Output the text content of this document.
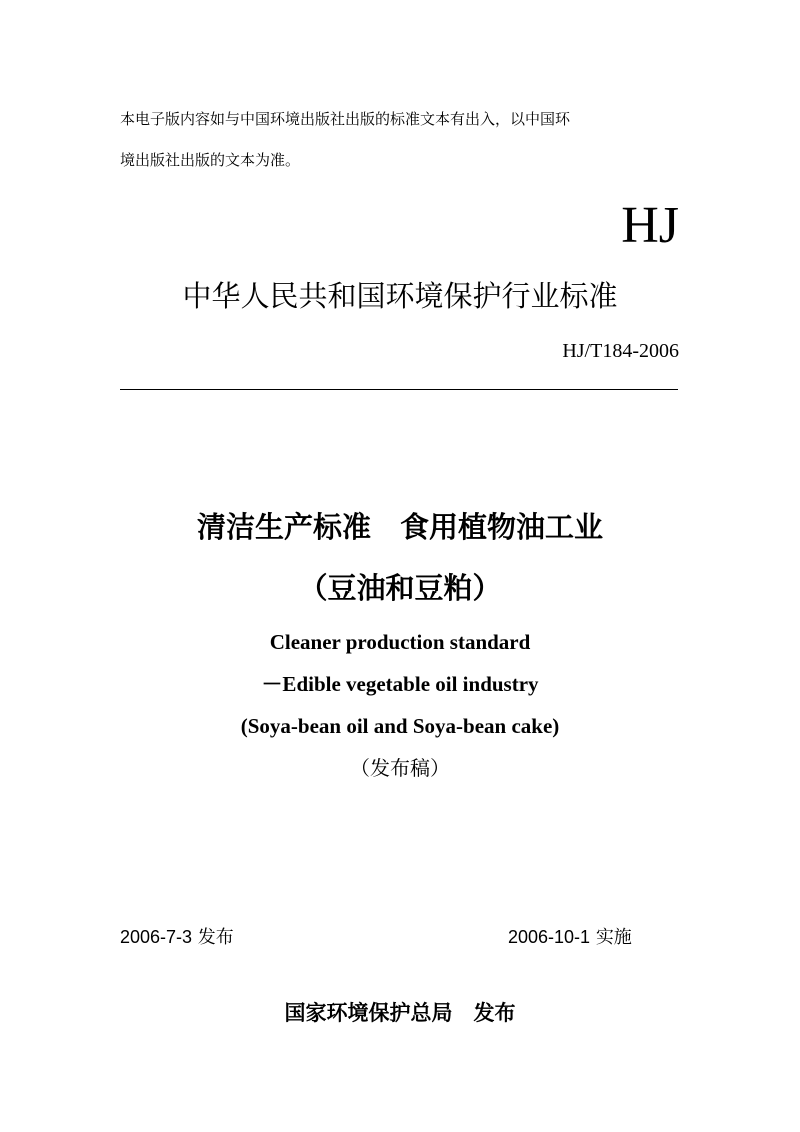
本电子版内容如与中国环境出版社出版的标准文本有出入，以中国环
境出版社出版的文本为准。
HJ
中华人民共和国环境保护行业标准
HJ/T184-2006
清洁生产标准　食用植物油工业
（豆油和豆粕）
Cleaner production standard
－Edible vegetable oil industry
(Soya-bean oil and Soya-bean cake)
（发布稿）
2006-7-3 发布	2006-10-1 实施
国家环境保护总局　发布
